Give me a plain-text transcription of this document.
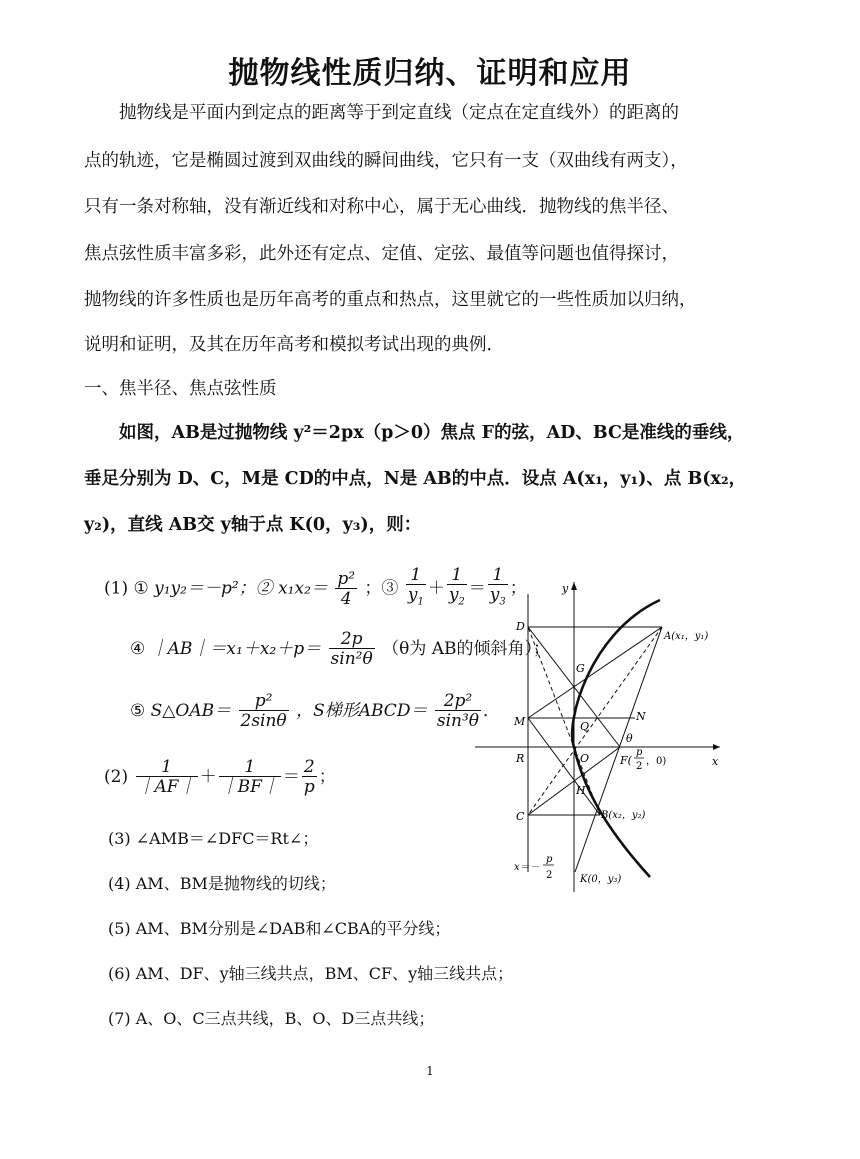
抛物线性质归纳、证明和应用
　　抛物线是平面内到定点的距离等于到定直线（定点在定直线外）的距离的
点的轨迹，它是椭圆过渡到双曲线的瞬间曲线，它只有一支（双曲线有两支），
只有一条对称轴，没有渐近线和对称中心，属于无心曲线．抛物线的焦半径、
焦点弦性质丰富多彩，此外还有定点、定值、定弦、最值等问题也值得探讨，
抛物线的许多性质也是历年高考的重点和热点，这里就它的一些性质加以归纳，
说明和证明，及其在历年高考和模拟考试出现的典例．
一、焦半径、焦点弦性质
　　如图，AB是过抛物线 y²＝2px（p＞0）焦点 F的弦，AD、BC是准线的垂线，
垂足分别为 D、C，M是 CD的中点，N是 AB的中点．设点 A(x₁，y₁)、点 B(x₂，
y₂)，直线 AB交 y轴于点 K(0，y₃)，则：
(1) ① y₁y₂＝－p²；② $x_1x_2= \frac{\text{p²}}{4}$ ；③ $\frac{1}{y_1} + \frac{1}{y_2} = \frac{1}{y_3}$ ；
④ ｜AB｜＝x₁＋x₂＋p＝ $\frac{2p}{\text{sin²θ}} (\theta$为 AB的倾斜角）；
⑤ S△OAB＝ $\frac{\text{p²}}{2\sin\theta}$ ，S梯形ABCD＝ $\frac{\text{2p²}}{\text{sin³θ}}$ ．
$(2) \frac{1}{|AF|} + \frac{1}{|BF|} = \frac{2}{p}$ ；
(3) ∠AMB＝∠DFC＝Rt∠；
(4) AM、BM是抛物线的切线；
(5) AM、BM分别是∠DAB和∠CBA的平分线；
(6) AM、DF、y轴三线共点，BM、CF、y轴三线共点；
(7) A、O、C三点共线，B、O、D三点共线；
y
x
D
A(x₁，y₁)
G
M	N
Q
θ
R	O	F(
p
2 ，0)
H
C	B(x₂，y₂)
K(0，y₃)
x＝－
p
2
1
